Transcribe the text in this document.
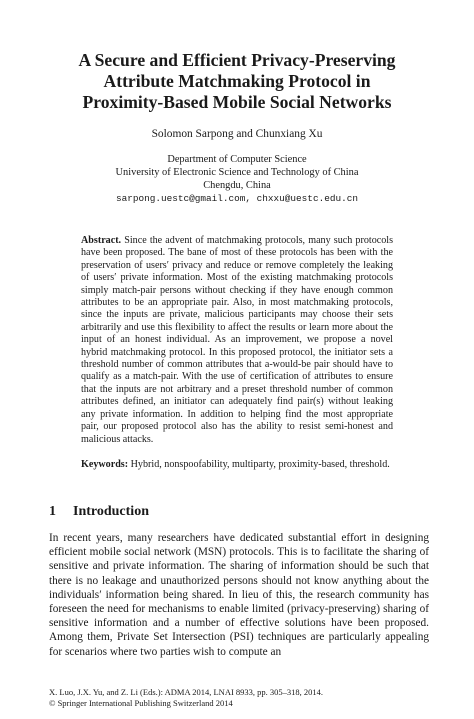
A Secure and Efficient Privacy-Preserving
Attribute Matchmaking Protocol in
Proximity-Based Mobile Social Networks
Solomon Sarpong and Chunxiang Xu
Department of Computer Science
University of Electronic Science and Technology of China
Chengdu, China
sarpong.uestc@gmail.com, chxxu@uestc.edu.cn

Abstract. Since the advent of matchmaking protocols, many such protocols have been proposed. The bane of most of these protocols has been with the preservation of users′ privacy and reduce or remove completely the leaking of users′ private information. Most of the existing matchmaking protocols simply match-pair persons without checking if they have enough common attributes to be an appropriate pair. Also, in most matchmaking protocols, since the inputs are private, malicious participants may choose their sets arbitrarily and use this flexibility to affect the results or learn more about the input of an honest individual. As an improvement, we propose a novel hybrid matchmaking protocol. In this proposed protocol, the initiator sets a threshold number of common attributes that a-would-be pair should have to qualify as a match-pair. With the use of certification of attributes to ensure that the inputs are not arbitrary and a preset threshold number of common attributes defined, an initiator can adequately find pair(s) without leaking any private information. In addition to helping find the most appropriate pair, our proposed protocol also has the ability to resist semi-honest and malicious attacks.

Keywords: Hybrid, nonspoofability, multiparty, proximity-based, threshold.

1 Introduction

In recent years, many researchers have dedicated substantial effort in designing efficient mobile social network (MSN) protocols. This is to facilitate the sharing of sensitive and private information. The sharing of information should be such that there is no leakage and unauthorized persons should not know anything about the individuals′ information being shared. In lieu of this, the research community has foreseen the need for mechanisms to enable limited (privacy-preserving) sharing of sensitive information and a number of effective solutions have been proposed. Among them, Private Set Intersection (PSI) techniques are particularly appealing for scenarios where two parties wish to compute an

X. Luo, J.X. Yu, and Z. Li (Eds.): ADMA 2014, LNAI 8933, pp. 305–318, 2014.
© Springer International Publishing Switzerland 2014
